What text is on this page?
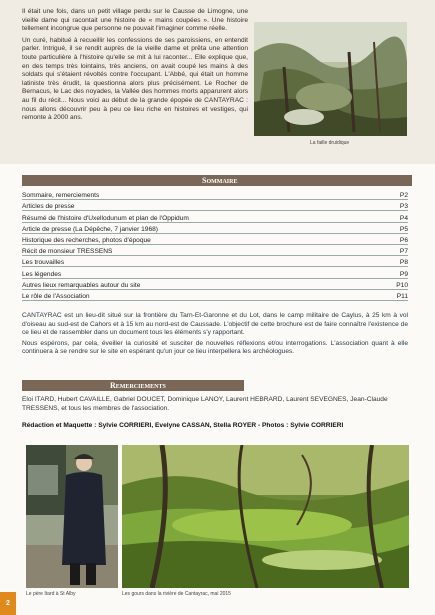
Il était une fois, dans un petit village perdu sur le Causse de Limogne, une vieille dame qui racontait une histoire de « mains coupées ». Une histoire tellement incongrue que personne ne pouvait l'imaginer comme réelle.

Un curé, habitué à recueillir les confessions de ses paroissiens, en entendit parler. Intrigué, il se rendit auprès de la vieille dame et prêta une attention toute particulière à l'histoire qu'elle se mit à lui raconter... Elle explique que, en des temps très lointains, très anciens, on avait coupé les mains à des soldats qui s'étaient révoltés contre l'occupant. L'Abbé, qui était un homme latiniste très érudit, la questionna alors plus précisément. Le Rocher de Bernacus, le Lac des noyades, la Vallée des hommes morts apparurent alors au fil du récit... Nous voici au début de la grande épopée de CANTAYRAC : nous allons découvrir peu à peu ce lieu riche en histoires et vestiges, qui remonte à 2000 ans.

La faille druidique
Sommaire
Sommaire, remerciements	P2
Articles de presse	P3
Résumé de l'histoire d'Uxellodunum et plan de l'Oppidum	P4
Article de presse (La Dépêche, 7 janvier 1968)	P5
Historique des recherches, photos d'époque	P6
Récit de monsieur TRESSENS	P7
Les trouvailles	P8
Les légendes	P9
Autres lieux remarquables autour du site	P10
Le rôle de l'Association	P11

CANTAYRAC est un lieu-dit situé sur la frontière du Tarn-Et-Garonne et du Lot, dans le camp militaire de Caylus, à 25 km à vol d'oiseau au sud-est de Cahors et à 15 km au nord-est de Caussade. L'objectif de cette brochure est de faire connaître l'existence de ce lieu et de rassembler dans un document tous les éléments s'y rapportant.

Nous espérons, par cela, éveiller la curiosité et susciter de nouvelles réflexions et/ou interrogations. L'association quant à elle continuera à se rendre sur le site en espérant qu'un jour ce lieu interpellera les archéologues.

Remerciements
Eloi ITARD, Hubert CAVAILLE, Gabriel DOUCET, Dominique LANOY, Laurent HEBRARD, Laurent SEVEGNES, Jean-Claude TRESSENS, et tous les membres de l'association.
Rédaction et Maquette : Sylvie CORRIERI, Evelyne CASSAN, Stella ROYER - Photos : Sylvie CORRIERI
Le père Itard à St Alby	Les gours dans la rivière de Cantayrac, mai 2015
2
